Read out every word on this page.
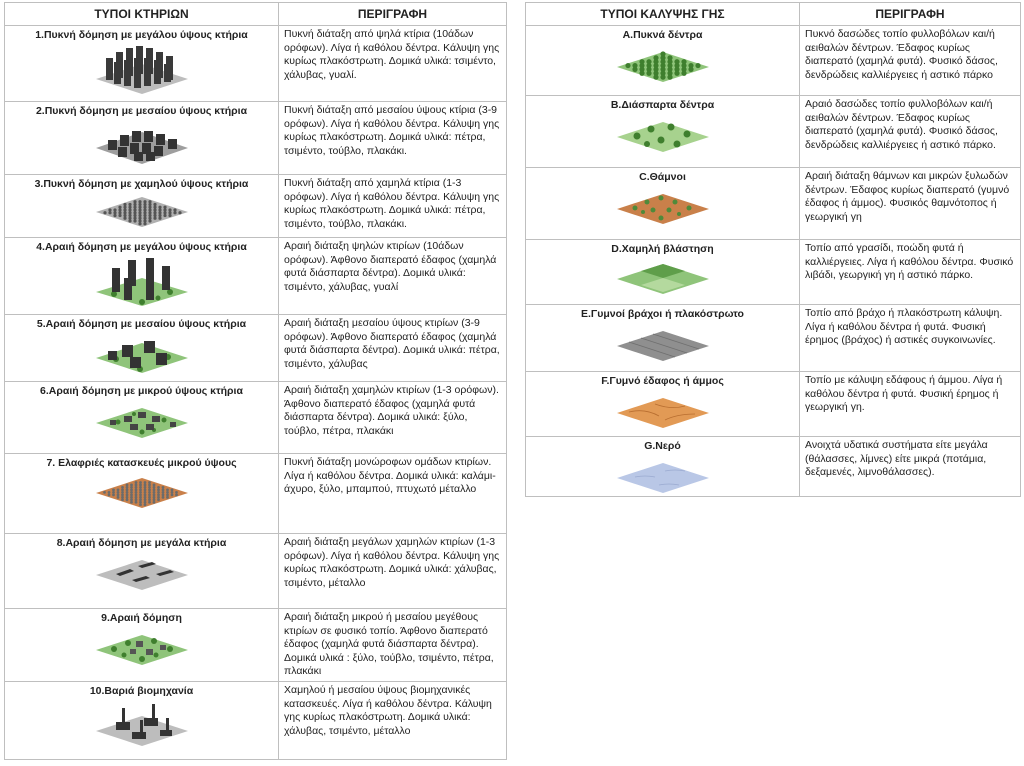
ΤΥΠΟΙ ΚΤΗΡΙΩΝ	ΠΕΡΙΓΡΑΦΗ

1.Πυκνή δόμηση με μεγάλου ύψους κτήρια	Πυκνή διάταξη από ψηλά κτίρια (10άδων ορόφων). Λίγα ή καθόλου δέντρα. Κάλυψη γης κυρίως πλακόστρωτη. Δομικά υλικά: τσιμέντο, χάλυβας, γυαλί.

2.Πυκνή δόμηση με μεσαίου ύψους κτήρια	Πυκνή διάταξη από μεσαίου ύψους κτίρια (3-9 ορόφων). Λίγα ή καθόλου δέντρα. Κάλυψη γης κυρίως πλακόστρωτη. Δομικά υλικά: πέτρα, τσιμέντο, τούβλο, πλακάκι.

3.Πυκνή δόμηση με χαμηλού ύψους κτήρια	Πυκνή διάταξη από χαμηλά κτίρια (1-3 ορόφων). Λίγα ή καθόλου δέντρα. Κάλυψη γης κυρίως πλακόστρωτη. Δομικά υλικά: πέτρα, τσιμέντο, τούβλο, πλακάκι.

4.Αραιή δόμηση με μεγάλου ύψους κτήρια	Αραιή διάταξη ψηλών κτιρίων (10άδων ορόφων). Άφθονο διαπερατό έδαφος (χαμηλά φυτά διάσπαρτα δέντρα). Δομικά υλικά: τσιμέντο, χάλυβας, γυαλί

5.Αραιή δόμηση με μεσαίου ύψους κτήρια	Αραιή διάταξη μεσαίου ύψους κτιρίων (3-9 ορόφων). Άφθονο διαπερατό έδαφος (χαμηλά φυτά διάσπαρτα δέντρα). Δομικά υλικά: πέτρα, τσιμέντο, χάλυβας

6.Αραιή δόμηση με μικρού ύψους κτήρια	Αραιή διάταξη χαμηλών κτιρίων (1-3 ορόφων). Άφθονο διαπερατό έδαφος (χαμηλά φυτά διάσπαρτα δέντρα). Δομικά υλικά: ξύλο, τούβλο, πέτρα, πλακάκι

7. Ελαφριές κατασκευές μικρού ύψους	Πυκνή διάταξη μονώροφων ομάδων κτιρίων. Λίγα ή καθόλου δέντρα. Δομικά υλικά: καλάμι-άχυρο, ξύλο, μπαμπού, πτυχωτό μέταλλο

8.Αραιή δόμηση με μεγάλα κτήρια	Αραιή διάταξη μεγάλων χαμηλών κτιρίων (1-3 ορόφων). Λίγα ή καθόλου δέντρα. Κάλυψη γης κυρίως πλακόστρωτη. Δομικά υλικά: χάλυβας, τσιμέντο, μέταλλο

9.Αραιή δόμηση	Αραιή διάταξη μικρού ή μεσαίου μεγέθους κτιρίων σε φυσικό τοπίο. Άφθονο διαπερατό έδαφος (χαμηλά φυτά διάσπαρτα δέντρα). Δομικά υλικά : ξύλο, τούβλο, τσιμέντο, πέτρα, πλακάκι

10.Βαριά βιομηχανία	Χαμηλού ή μεσαίου ύψους βιομηχανικές κατασκευές. Λίγα ή καθόλου δέντρα. Κάλυψη γης κυρίως πλακόστρωτη. Δομικά υλικά: χάλυβας, τσιμέντο, μέταλλο
ΤΥΠΟΙ ΚΑΛΥΨΗΣ ΓΗΣ	ΠΕΡΙΓΡΑΦΗ

Α.Πυκνά δέντρα	Πυκνό δασώδες τοπίο φυλλοβόλων και/ή αειθαλών δέντρων. Έδαφος κυρίως διαπερατό (χαμηλά φυτά). Φυσικό δάσος, δενδρώδεις καλλιέργειες ή αστικό πάρκο

Β.Διάσπαρτα δέντρα	Αραιό δασώδες τοπίο φυλλοβόλων και/ή αειθαλών δέντρων. Έδαφος κυρίως διαπερατό (χαμηλά φυτά). Φυσικό δάσος, δενδρώδεις καλλιέργειες ή αστικό πάρκο.

C.Θάμνοι	Αραιή διάταξη θάμνων και μικρών ξυλωδών δέντρων. Έδαφος κυρίως διαπερατό (γυμνό έδαφος ή άμμος). Φυσικός θαμνότοπος ή γεωργική γη

D.Χαμηλή βλάστηση	Τοπίο από γρασίδι, ποώδη φυτά ή καλλιέργειες. Λίγα ή καθόλου δέντρα. Φυσικό λιβάδι, γεωργική γη ή αστικό πάρκο.

E.Γυμνοί βράχοι ή πλακόστρωτο	Τοπίο από βράχο ή πλακόστρωτη κάλυψη. Λίγα ή καθόλου δέντρα ή φυτά. Φυσική έρημος (βράχος) ή αστικές συγκοινωνίες.

F.Γυμνό έδαφος ή άμμος	Τοπίο με κάλυψη εδάφους ή άμμου. Λίγα ή καθόλου δέντρα ή φυτά. Φυσική έρημος ή γεωργική γη.

G.Νερό	Ανοιχτά υδατικά συστήματα είτε μεγάλα (θάλασσες, λίμνες) είτε μικρά (ποτάμια, δεξαμενές, λιμνοθάλασσες).
